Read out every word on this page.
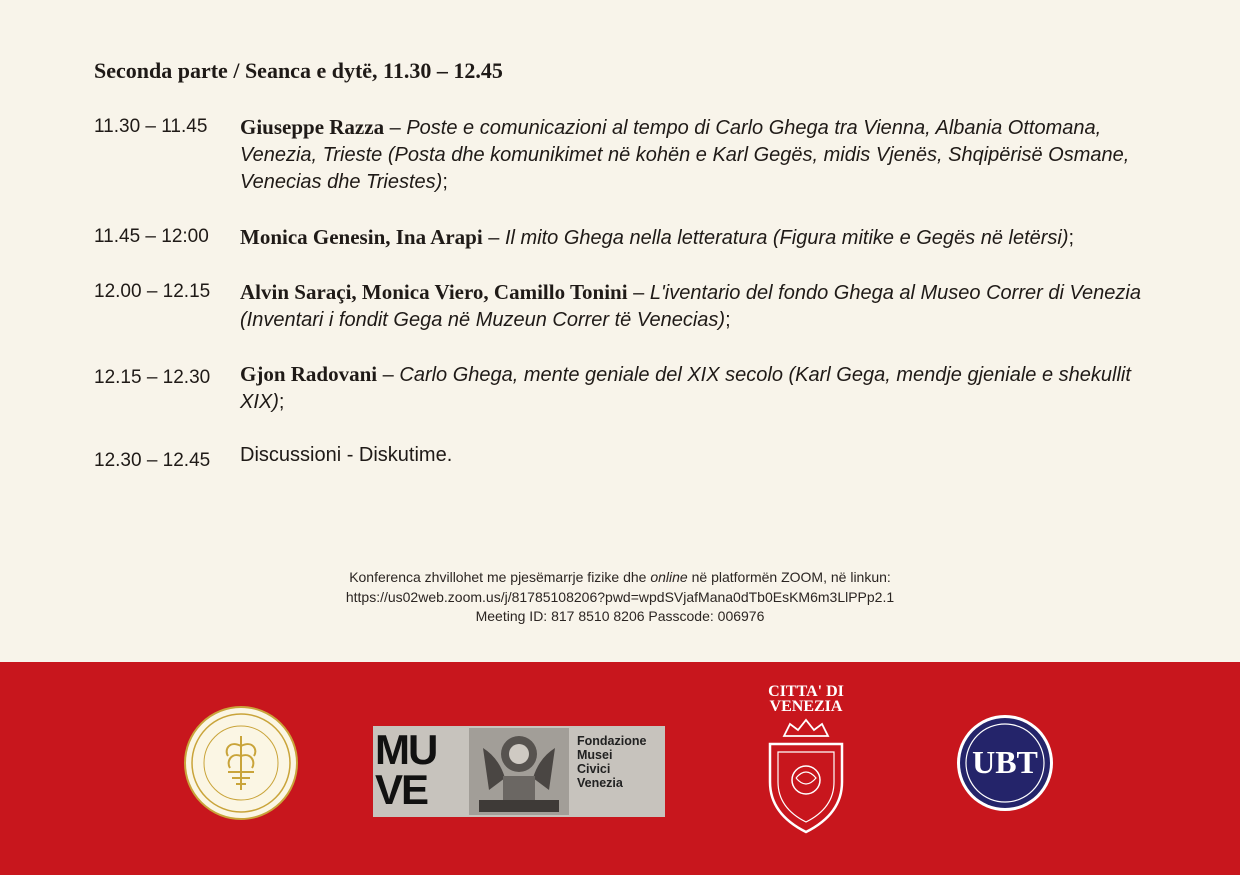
Seconda parte / Seanca e dytë, 11.30 – 12.45
11.30 – 11.45	Giuseppe Razza – Poste e comunicazioni al tempo di Carlo Ghega tra Vienna, Albania Ottomana, Venezia, Trieste (Posta dhe komunikimet në kohën e Karl Gegës, midis Vjenës, Shqipërisë Osmane, Venecias dhe Triestes);
11.45 – 12:00	Monica Genesin, Ina Arapi – Il mito Ghega nella letteratura (Figura mitike e Gegës në letërsi);
12.00 – 12.15	Alvin Saraçi, Monica Viero, Camillo Tonini – L'iventario del fondo Ghega al Museo Correr di Venezia (Inventari i fondit Gega në Muzeun Correr të Venecias);
12.15 – 12.30	Gjon Radovani – Carlo Ghega, mente geniale del XIX secolo (Karl Gega, mendje gjeniale e shekullit XIX);
12.30 – 12.45	Discussioni - Diskutime.
Konferenca zhvillohet me pjesëmarrje fizike dhe online në platformën ZOOM, në linkun:
https://us02web.zoom.us/j/81785108206?pwd=wpdSVjafMana0dTb0EsKM6m3LlPPp2.1
Meeting ID: 817 8510 8206 Passcode: 006976
MU
VE
Fondazione
Musei
Civici
Venezia
CITTA' DI
VENEZIA
UBT
